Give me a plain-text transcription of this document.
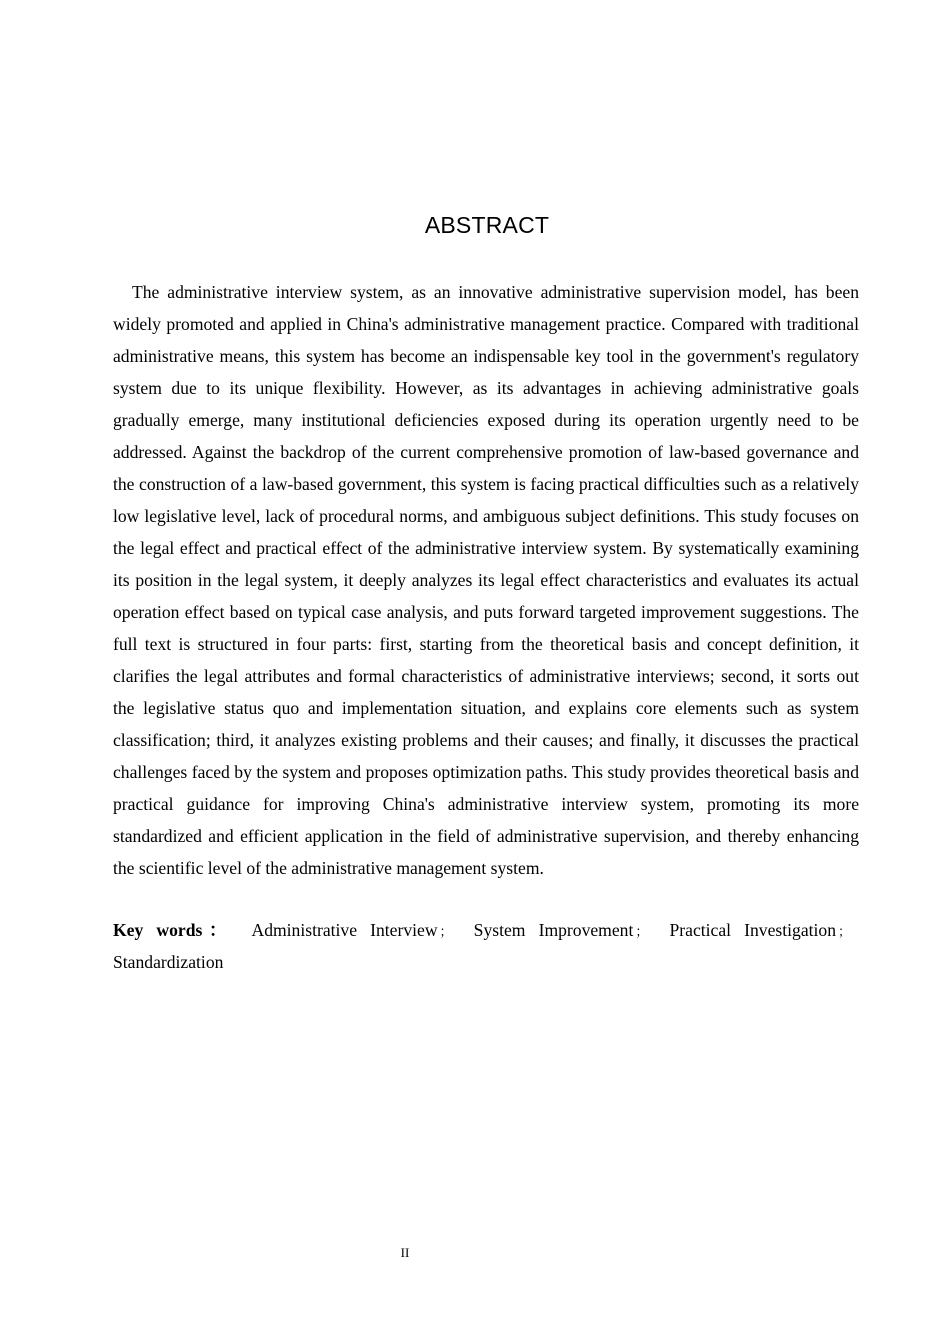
ABSTRACT

The administrative interview system, as an innovative administrative supervision model, has been widely promoted and applied in China's administrative management practice. Compared with traditional administrative means, this system has become an indispensable key tool in the government's regulatory system due to its unique flexibility. However, as its advantages in achieving administrative goals gradually emerge, many institutional deficiencies exposed during its operation urgently need to be addressed. Against the backdrop of the current comprehensive promotion of law-based governance and the construction of a law-based government, this system is facing practical difficulties such as a relatively low legislative level, lack of procedural norms, and ambiguous subject definitions. This study focuses on the legal effect and practical effect of the administrative interview system. By systematically examining its position in the legal system, it deeply analyzes its legal effect characteristics and evaluates its actual operation effect based on typical case analysis, and puts forward targeted improvement suggestions. The full text is structured in four parts: first, starting from the theoretical basis and concept definition, it clarifies the legal attributes and formal characteristics of administrative interviews; second, it sorts out the legislative status quo and implementation situation, and explains core elements such as system classification; third, it analyzes existing problems and their causes; and finally, it discusses the practical challenges faced by the system and proposes optimization paths. This study provides theoretical basis and practical guidance for improving China's administrative interview system, promoting its more standardized and efficient application in the field of administrative supervision, and thereby enhancing the scientific level of the administrative management system.

Key words： Administrative Interview ； System Improvement ； Practical Investigation ； Standardization

II
